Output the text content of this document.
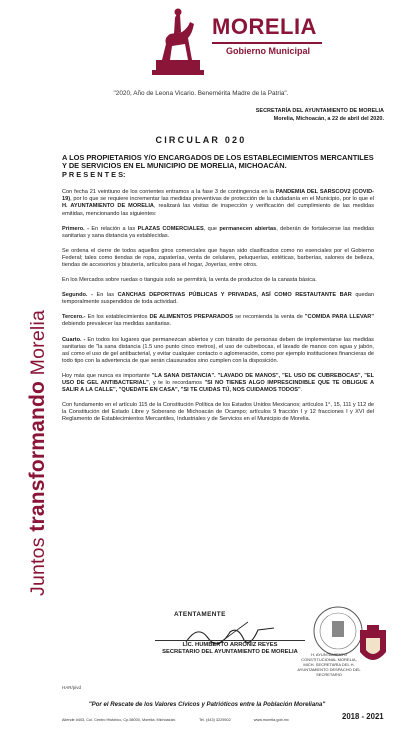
Juntos transformando Morelia
MORELIA
Gobierno Municipal
"2020, Año de Leona Vicario. Benemérita Madre de la Patria".
SECRETARÍA DEL AYUNTAMIENTO DE MORELIA
Morelia, Michoacán, a 22 de abril del 2020.
CIRCULAR 020
A LOS PROPIETARIOS Y/O ENCARGADOS DE LOS ESTABLECIMIENTOS MERCANTILES Y DE SERVICIOS EN EL MUNICIPIO DE MORELIA, MICHOACÁN.
P R E S E N T E S:

Con fecha 21 veintiuno de los corrientes entramos a la fase 3 de contingencia en la PANDEMIA DEL SARSCOV2 (COVID-19), por lo que se requiere incrementar las medidas preventivas de protección de la ciudadanía en el Municipio, por lo que el H. AYUNTAMIENTO DE MORELIA, realizará las visitas de inspección y verificación del cumplimiento de las medidas emitidas, mencionando las siguientes:

Primero. - En relación a las PLAZAS COMERCIALES, que permanecen abiertas, deberán de fortalecerse las medidas sanitarias y sana distancia ya establecidas.

Se ordena el cierre de todos aquellos giros comerciales que hayan sido clasificados como no esenciales por el Gobierno Federal; tales como tiendas de ropa, zapaterías, venta de celulares, peluquerías, estéticas, barberías, salones de belleza, tiendas de accesorios y bisutería, artículos para el hogar, Joyerías, entre otros.

En los Mercados sobre ruedas o tianguis solo se permitirá, la venta de productos de la canasta básica.

Segundo. - En las CANCHAS DEPORTIVAS PÚBLICAS Y PRIVADAS, ASÍ COMO RESTAUTANTE BAR quedan temporalmente suspendidos de toda actividad.

Tercero.- En los establecimientos DE ALIMENTOS PREPARADOS se recomienda la venta de "COMIDA PARA LLEVAR" debiendo prevalecer las medidas sanitarias.

Cuarto. - En todos los lugares que permanezcan abiertos y con tránsito de personas deben de implementarse las medidas sanitarias de "la sana distancia (1.5 uno punto cinco metros), el uso de cubrebocas, el lavado de manos con agua y jabón, así como el uso de gel antibacterial, y evitar cualquier contacto o aglomeración, como por ejemplo instituciones financieras de todo tipo con la advertencia de que serán clausurados sino cumplen con la disposición.

Hoy más que nunca es importante "LA SANA DISTANCIA". "LAVADO DE MANOS", "EL USO DE CUBREBOCAS", "EL USO DE GEL ANTIBACTERIAL", y te lo recordamos "SI NO TIENES ALGO IMPRESCINDIBLE QUE TE OBLIGUE A SALIR A LA CALLE", "QUEDATE EN CASA", "SI TE CUIDAS TÚ, NOS CUIDAMOS TODOS".

Con fundamento en el artículo 115 de la Constitución Política de los Estados Unidos Mexicanos; artículos 1°, 15, 111 y 112 de la Constitución del Estado Libre y Soberano de Michoacán de Ocampo; artículos 9 fracción I y 12 fracciones I y XVI del Reglamento de Establecimientos Mercantiles, Industriales y de Servicios en el Municipio de Morelia.

ATENTAMENTE
LIC. HUMBERTO ARRONIZ REYES
SECRETARIO DEL AYUNTAMIENTO DE MORELIA	H. AYUNTAMIENTO CONSTITUCIONAL MORELIA, MICH. SECRETARÍA DEL H. AYUNTAMIENTO DESPACHO DEL SECRETARIO
HAR/pivd
"Por el Rescate de los Valores Cívicos y Patrióticos entre la Población Moreliana"
Allende #403, Col. Centro Histórico, Cp.58000, Morelia, Michoacán.	Tel. (443) 3229502	www.morelia.gob.mx	2018 - 2021
